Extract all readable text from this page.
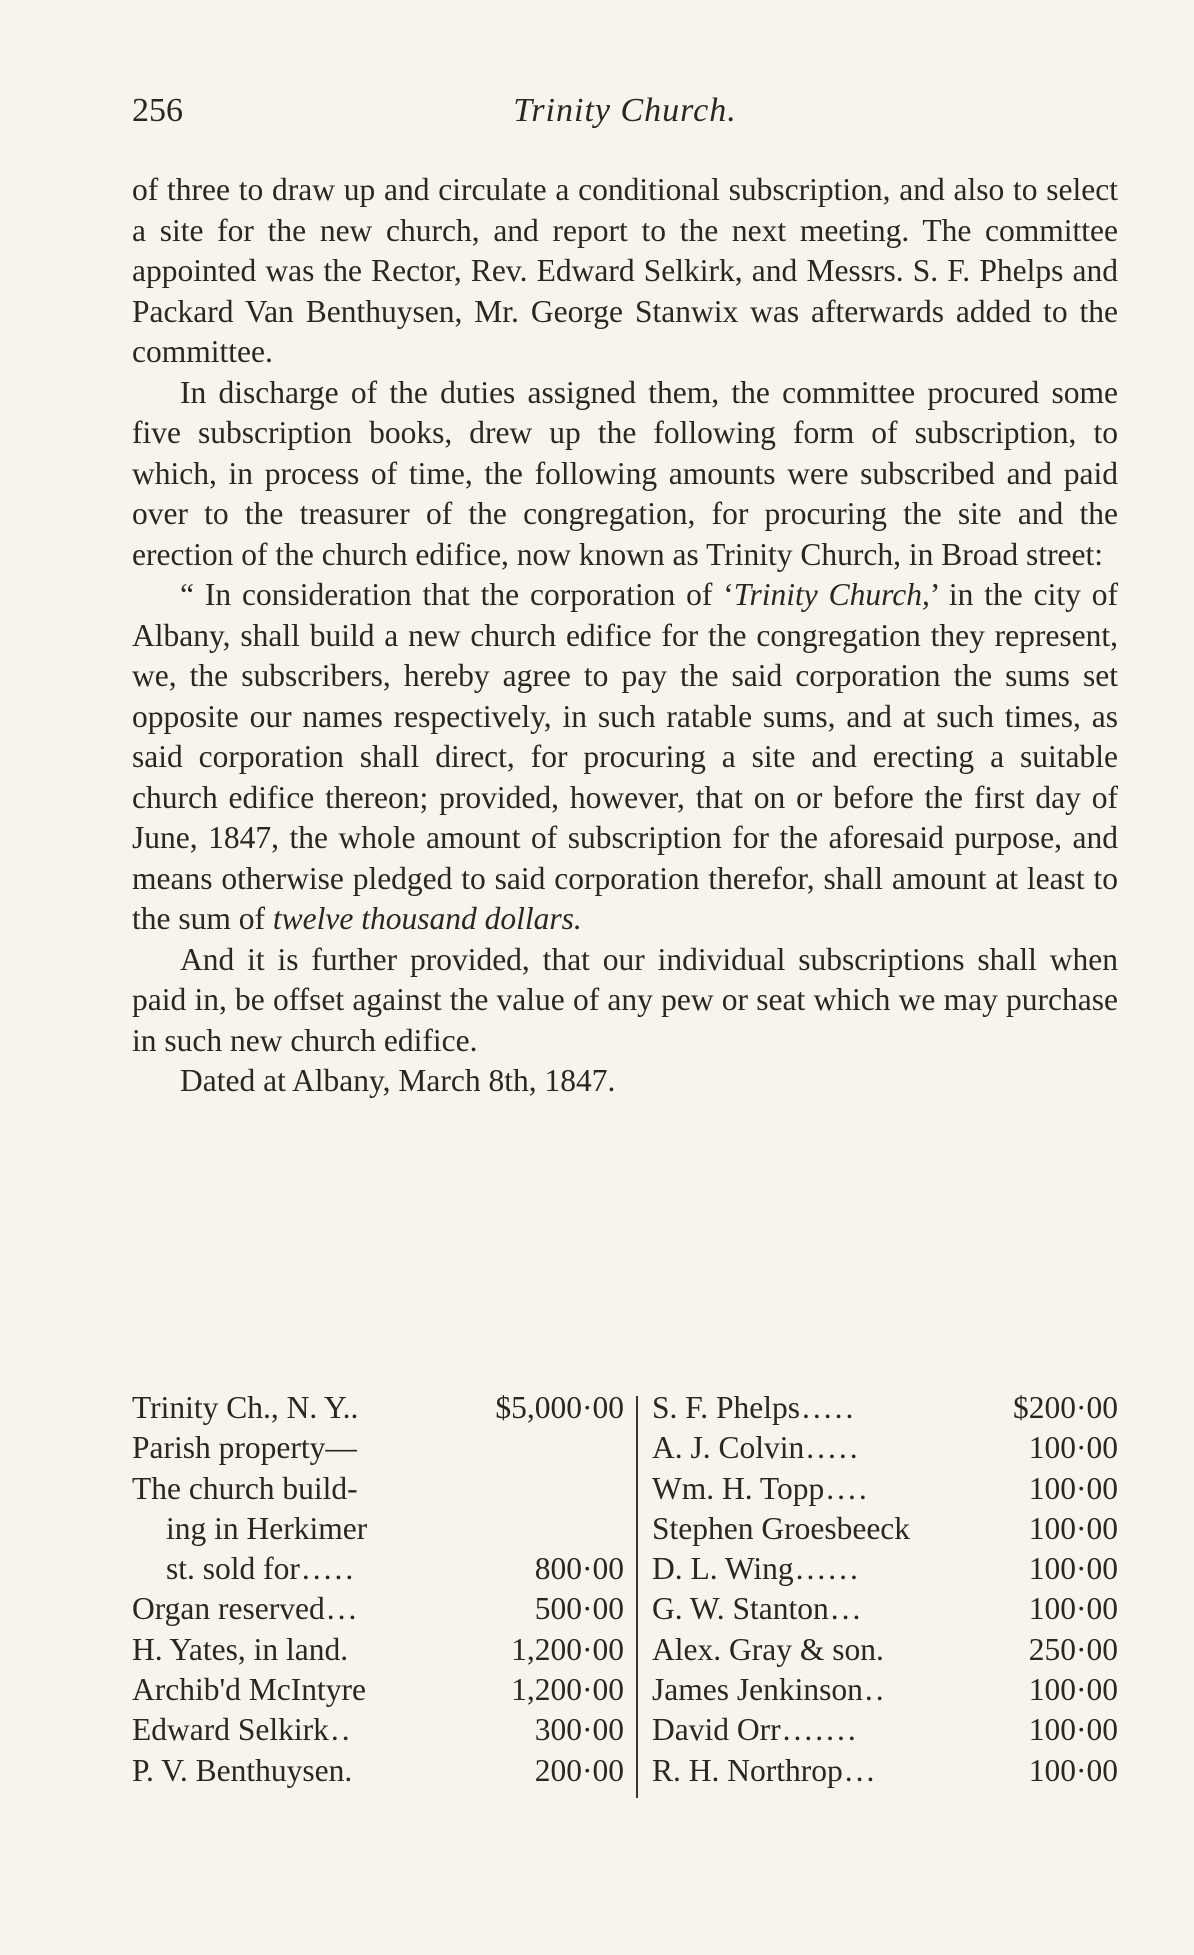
256	Trinity Church.

of three to draw up and circulate a conditional subscription, and also to select a site for the new church, and report to the next meeting. The committee appointed was the Rector, Rev. Edward Selkirk, and Messrs. S. F. Phelps and Packard Van Benthuysen, Mr. George Stanwix was afterwards added to the committee.

In discharge of the duties assigned them, the committee procured some five subscription books, drew up the following form of subscription, to which, in process of time, the following amounts were subscribed and paid over to the treasurer of the congregation, for procuring the site and the erection of the church edifice, now known as Trinity Church, in Broad street:

“ In consideration that the corporation of ‘Trinity Church,’ in the city of Albany, shall build a new church edifice for the congregation they represent, we, the subscribers, hereby agree to pay the said corporation the sums set opposite our names respectively, in such ratable sums, and at such times, as said corporation shall direct, for procuring a site and erecting a suitable church edifice thereon; provided, however, that on or before the first day of June, 1847, the whole amount of subscription for the aforesaid purpose, and means otherwise pledged to said corporation therefor, shall amount at least to the sum of twelve thousand dollars.

And it is further provided, that our individual subscriptions shall when paid in, be offset against the value of any pew or seat which we may purchase in such new church edifice.

Dated at Albany, March 8th, 1847.

Trinity Ch., N. Y..	$5,000·00
Parish property—
The church build-
ing in Herkimer
st. sold for .....	800·00
Organ reserved ...	500·00
H. Yates, in land.	1,200·00
Archib'd McIntyre	1,200·00
Edward Selkirk ..	300·00
P. V. Benthuysen.	200·00
S. F. Phelps .....	$200·00
A. J. Colvin .....	100·00
Wm. H. Topp ....	100·00
Stephen Groesbeeck	100·00
D. L. Wing ......	100·00
G. W. Stanton ...	100·00
Alex. Gray & son.	250·00
James Jenkinson ..	100·00
David Orr .......	100·00
R. H. Northrop ...	100·00
